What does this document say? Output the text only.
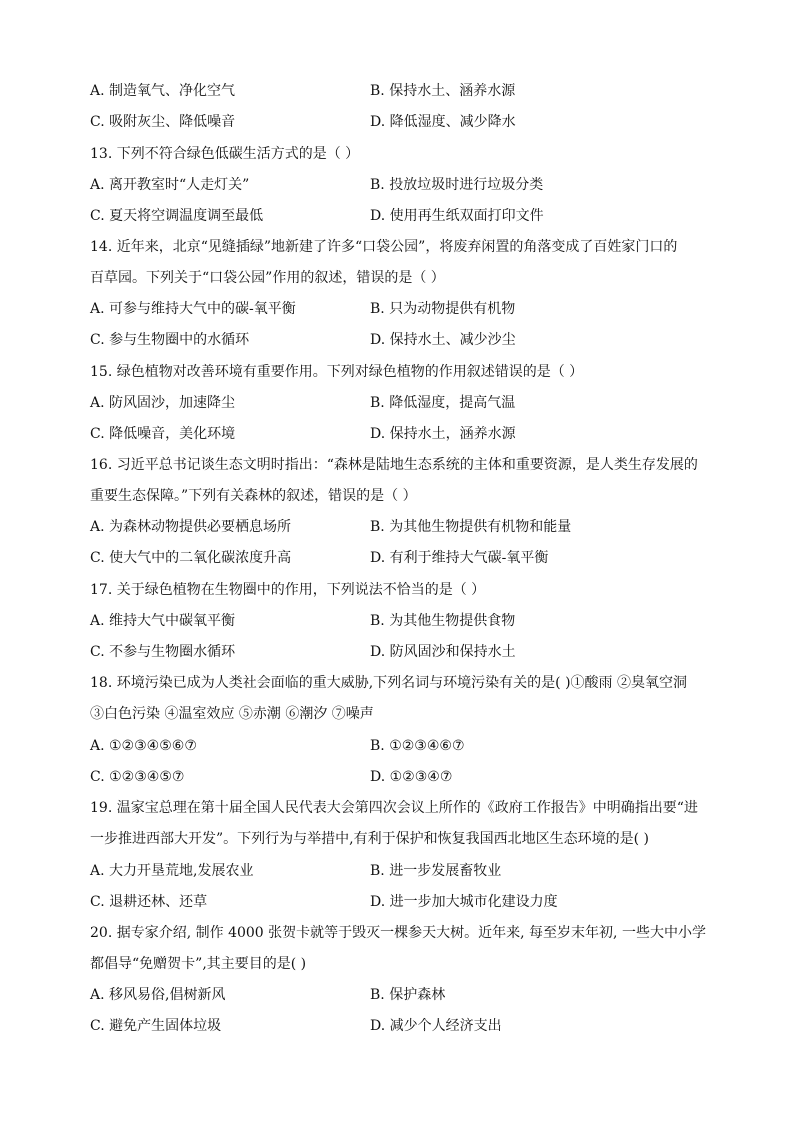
A. 制造氧气、净化空气	B. 保持水土、涵养水源
C. 吸附灰尘、降低噪音	D. 降低湿度、减少降水
13. 下列不符合绿色低碳生活方式的是（ ）
A. 离开教室时“人走灯关”	B. 投放垃圾时进行垃圾分类
C. 夏天将空调温度调至最低	D. 使用再生纸双面打印文件
14. 近年来，北京“见缝插绿”地新建了许多“口袋公园”，将废弃闲置的角落变成了百姓家门口的
百草园。下列关于“口袋公园”作用的叙述，错误的是（ ）
A. 可参与维持大气中的碳-氧平衡	B. 只为动物提供有机物
C. 参与生物圈中的水循环	D. 保持水土、减少沙尘
15. 绿色植物对改善环境有重要作用。下列对绿色植物的作用叙述错误的是（ ）
A. 防风固沙，加速降尘	B. 降低湿度，提高气温
C. 降低噪音，美化环境	D. 保持水土，涵养水源
16. 习近平总书记谈生态文明时指出：“森林是陆地生态系统的主体和重要资源，是人类生存发展的
重要生态保障。”下列有关森林的叙述，错误的是（ ）
A. 为森林动物提供必要栖息场所	B. 为其他生物提供有机物和能量
C. 使大气中的二氧化碳浓度升高	D. 有利于维持大气碳-氧平衡
17. 关于绿色植物在生物圈中的作用，下列说法不恰当的是（ ）
A. 维持大气中碳氧平衡	B. 为其他生物提供食物
C. 不参与生物圈水循环	D. 防风固沙和保持水土
18. 环境污染已成为人类社会面临的重大威胁,下列名词与环境污染有关的是( )①酸雨 ②臭氧空洞
③白色污染 ④温室效应 ⑤赤潮 ⑥潮汐 ⑦噪声
A. ①②③④⑤⑥⑦	B. ①②③④⑥⑦
C. ①②③④⑤⑦	D. ①②③④⑦
19. 温家宝总理在第十届全国人民代表大会第四次会议上所作的《政府工作报告》中明确指出要“进
一步推进西部大开发”。下列行为与举措中,有利于保护和恢复我国西北地区生态环境的是( )
A. 大力开垦荒地,发展农业	B. 进一步发展畜牧业
C. 退耕还林、还草	D. 进一步加大城市化建设力度
20. 据专家介绍, 制作 4000 张贺卡就等于毁灭一棵参天大树。近年来, 每至岁末年初, 一些大中小学
都倡导“免赠贺卡”,其主要目的是( )
A. 移风易俗,倡树新风	B. 保护森林
C. 避免产生固体垃圾	D. 减少个人经济支出
